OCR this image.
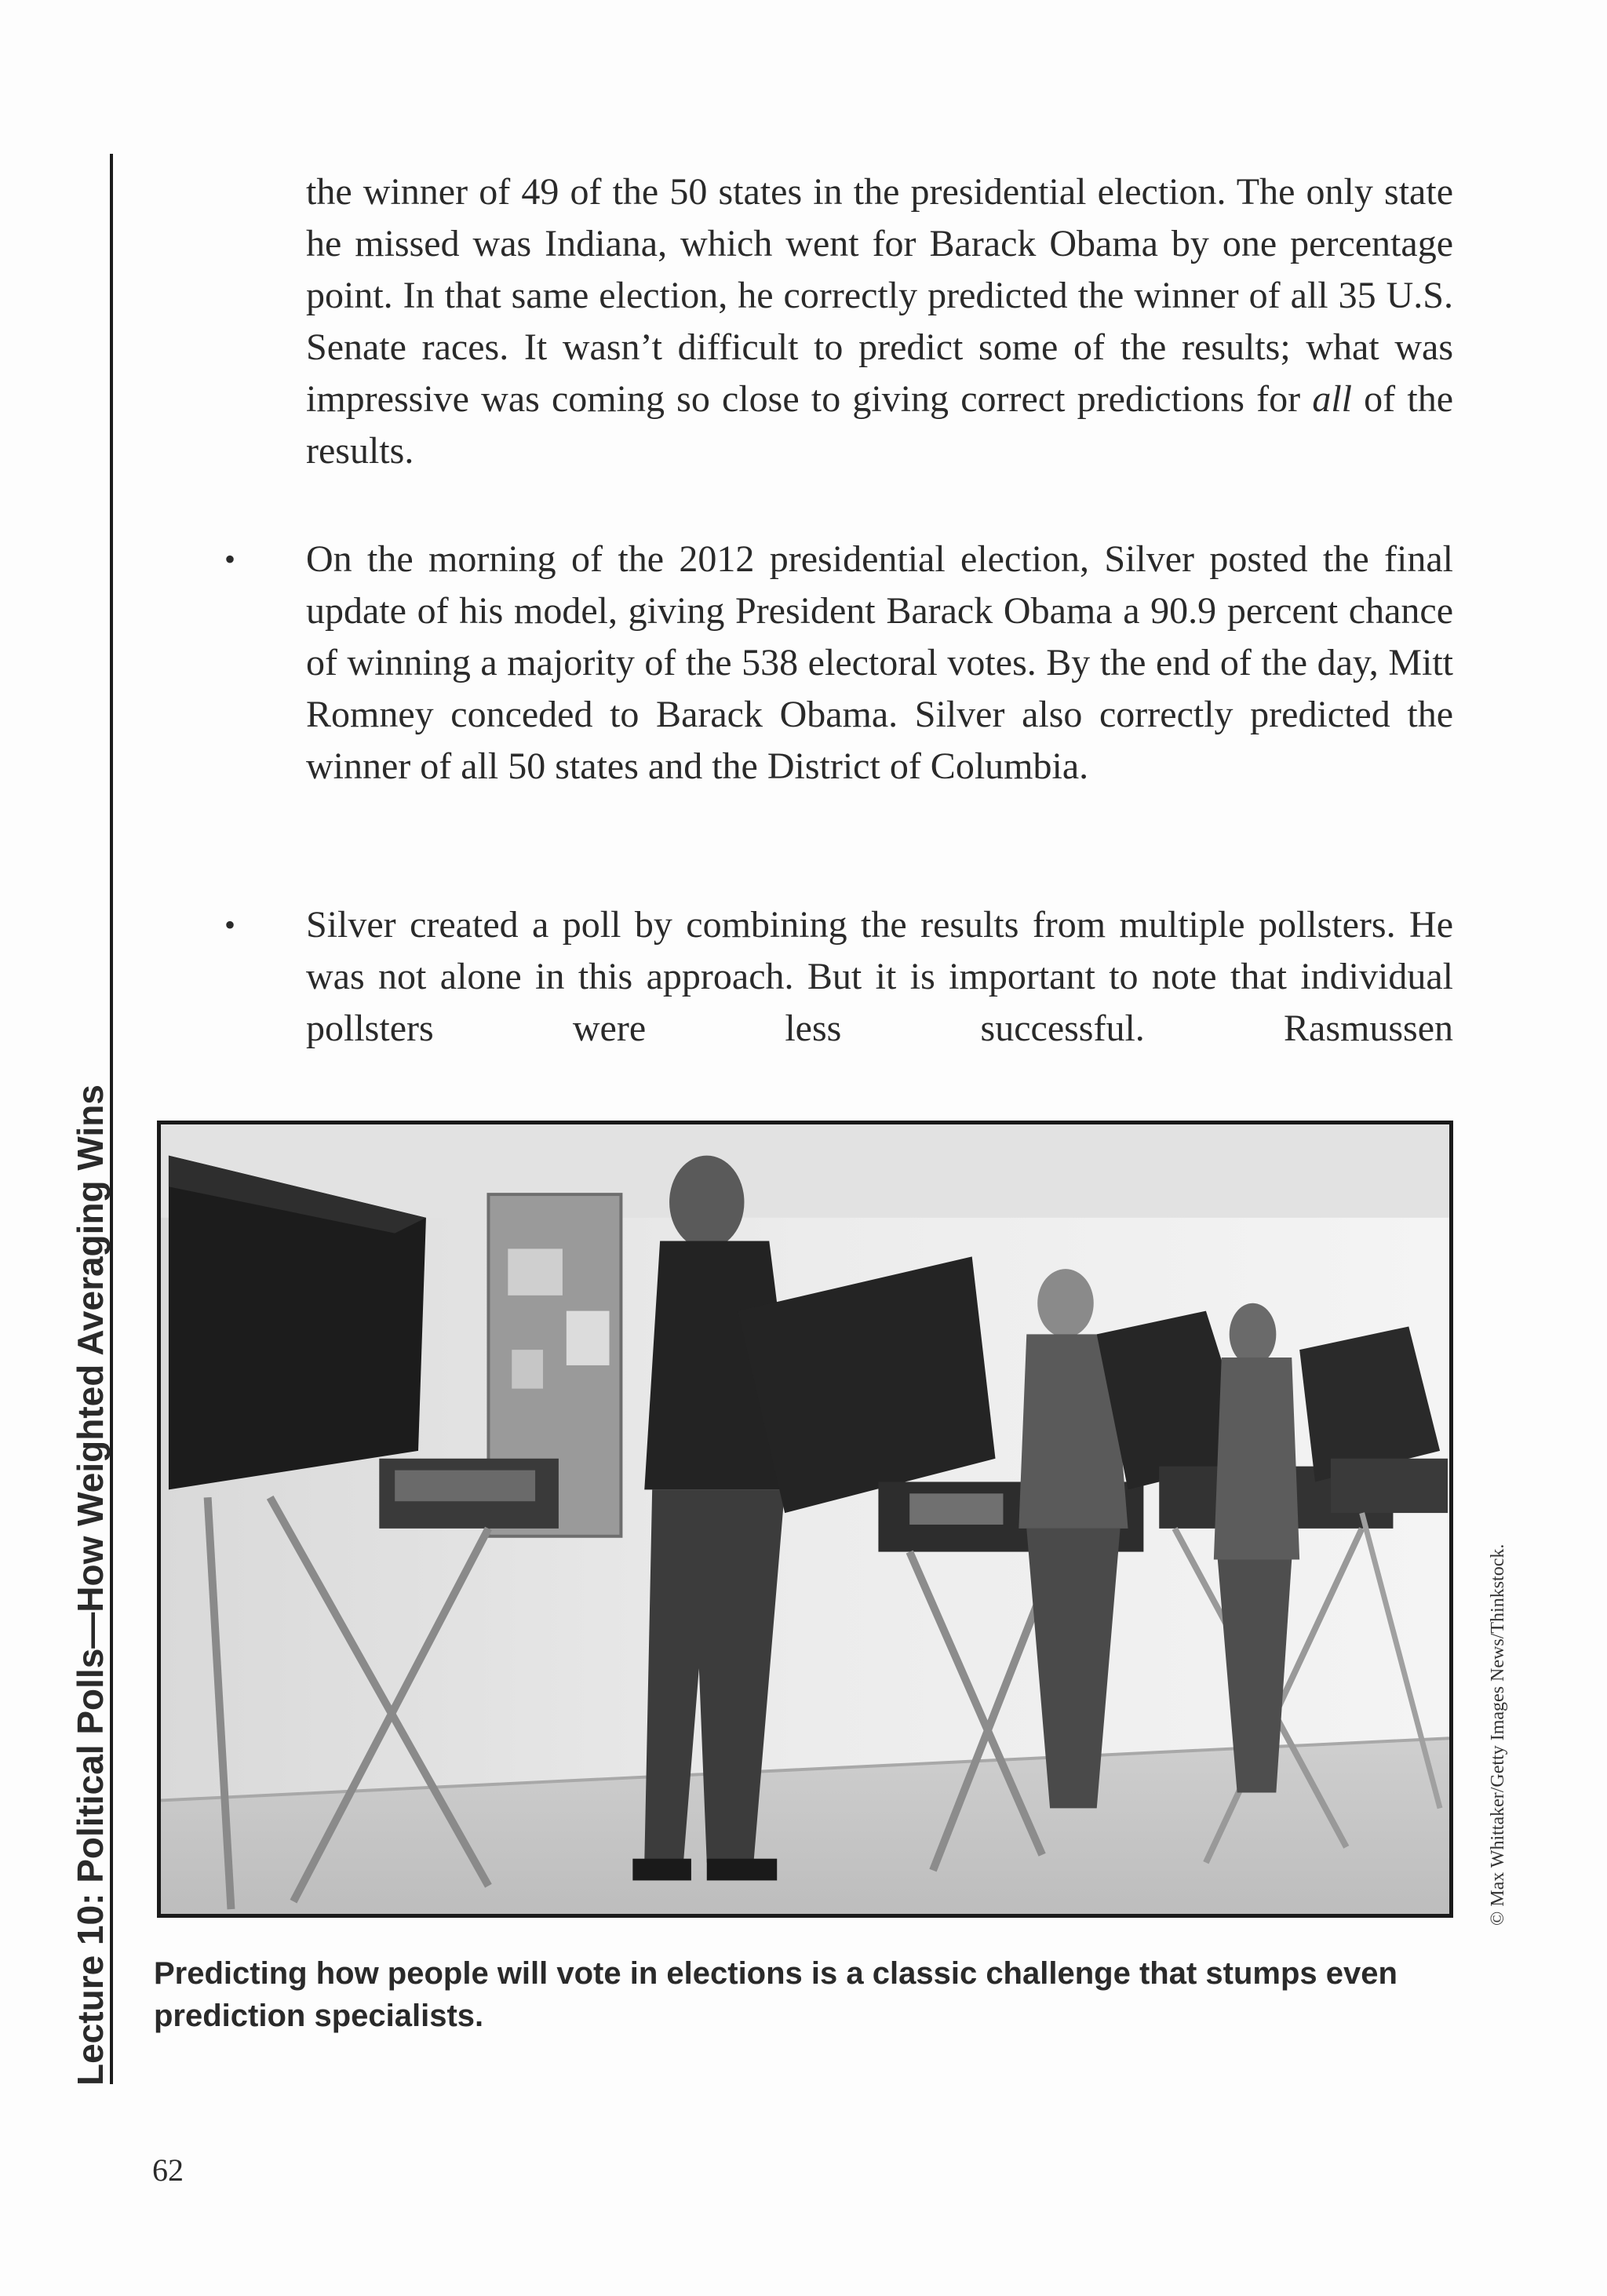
Lecture 10: Political Polls—How Weighted Averaging Wins

the winner of 49 of the 50 states in the presidential election. The only state he missed was Indiana, which went for Barack Obama by one percentage point. In that same election, he correctly predicted the winner of all 35 U.S. Senate races. It wasn’t difficult to predict some of the results; what was impressive was coming so close to giving correct predictions for all of the results.

• On the morning of the 2012 presidential election, Silver posted the final update of his model, giving President Barack Obama a 90.9 percent chance of winning a majority of the 538 electoral votes. By the end of the day, Mitt Romney conceded to Barack Obama. Silver also correctly predicted the winner of all 50 states and the District of Columbia.

• Silver created a poll by combining the results from multiple pollsters. He was not alone in this approach. But it is important to note that individual pollsters were less successful. Rasmussen

© Max Whittaker/Getty Images News/Thinkstock.

Predicting how people will vote in elections is a classic challenge that stumps even prediction specialists.

62
